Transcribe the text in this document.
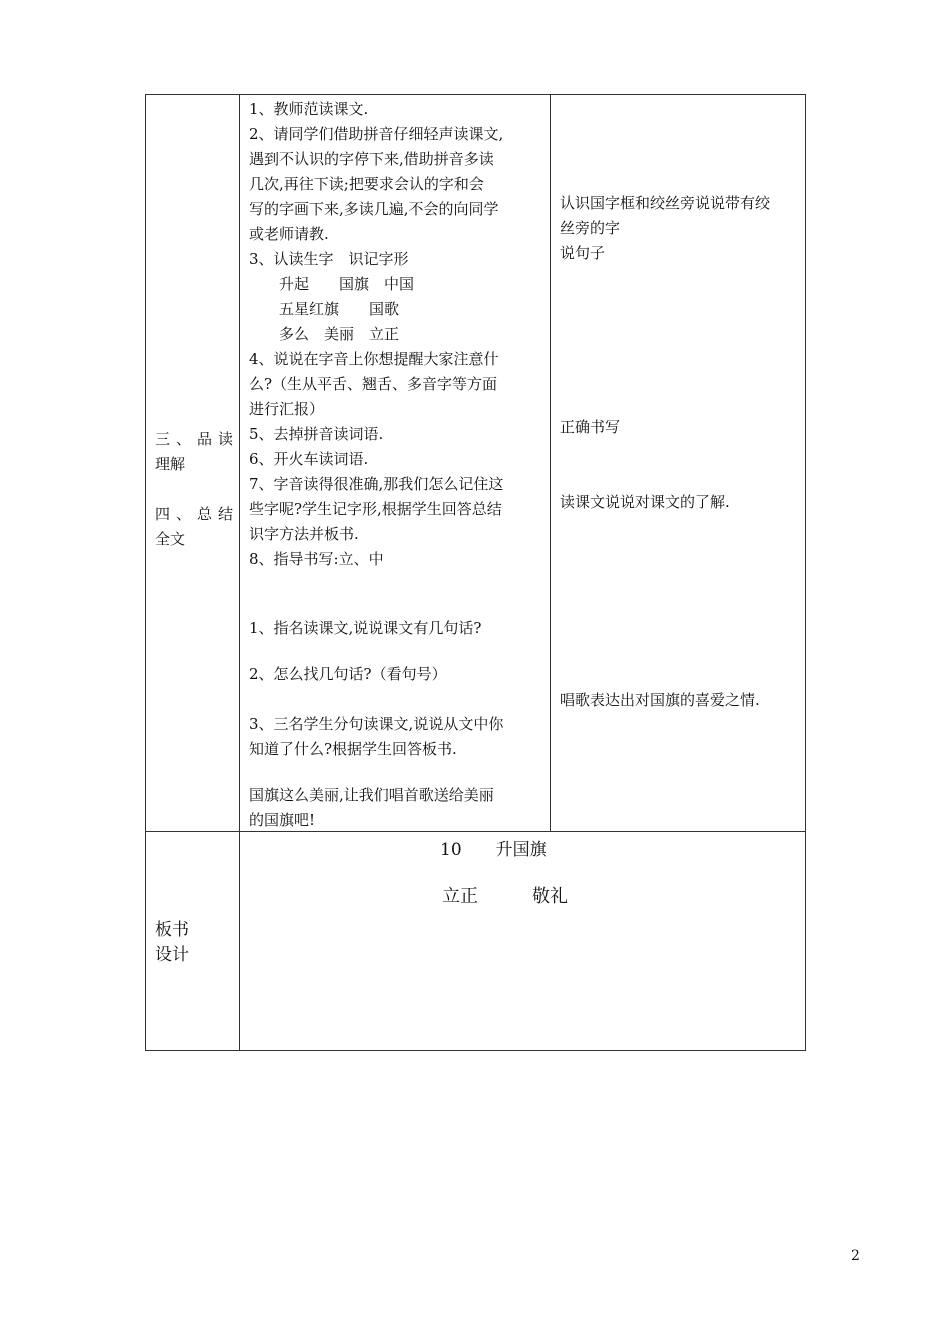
三、品读
理解
四、总结
全文
板书
设计
1、教师范读课文.
2、请同学们借助拼音仔细轻声读课文,
遇到不认识的字停下来,借助拼音多读
几次,再往下读;把要求会认的字和会
写的字画下来,多读几遍,不会的向同学
或老师请教.
3、认读生字　识记字形
　　升起　　国旗　中国
　　五星红旗　　国歌
　　多么　美丽　立正
4、说说在字音上你想提醒大家注意什
么?（生从平舌、翘舌、多音字等方面
进行汇报）
5、去掉拼音读词语.
6、开火车读词语.
7、字音读得很准确,那我们怎么记住这
些字呢?学生记字形,根据学生回答总结
识字方法并板书.
8、指导书写:立、中
1、指名读课文,说说课文有几句话?
2、怎么找几句话?（看句号）
3、三名学生分句读课文,说说从文中你
知道了什么?根据学生回答板书.
国旗这么美丽,让我们唱首歌送给美丽
的国旗吧!
认识国字框和绞丝旁说说带有绞
丝旁的字
说句子
正确书写
读课文说说对课文的了解.
唱歌表达出对国旗的喜爱之情.
10　　升国旗
立正　　　敬礼
2
